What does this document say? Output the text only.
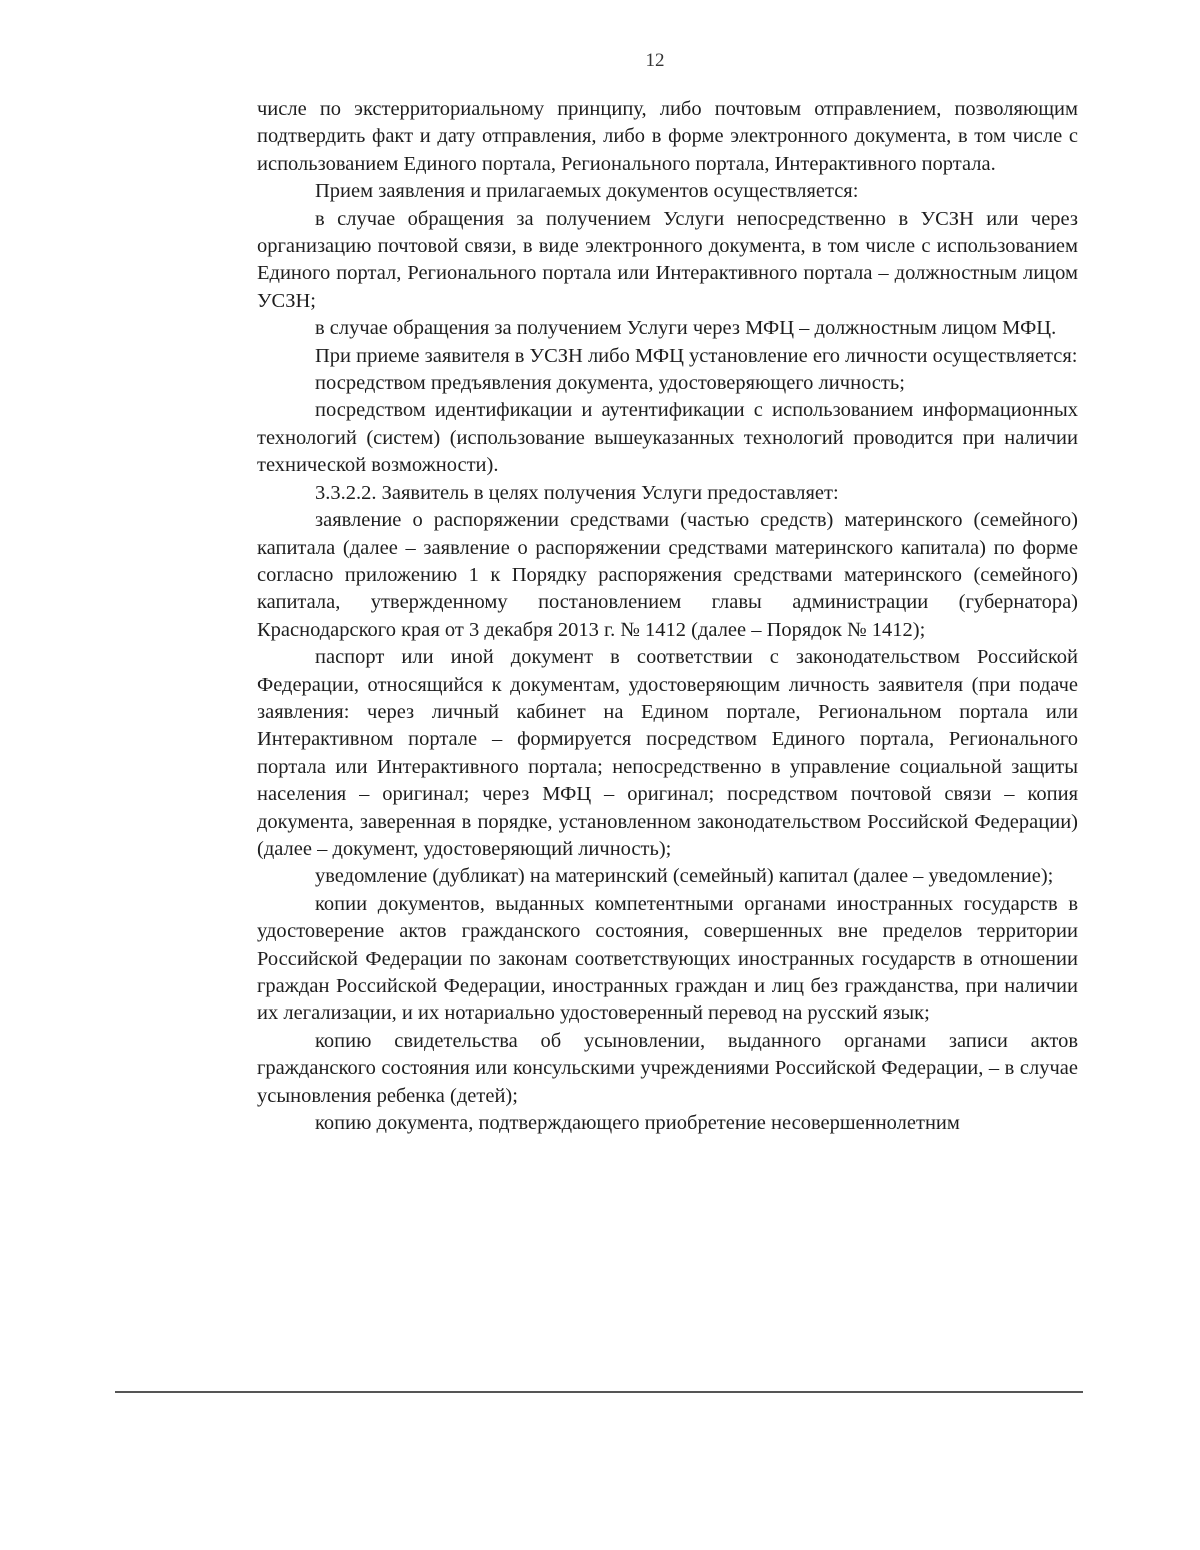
12

числе по экстерриториальному принципу, либо почтовым отправлением, позволяющим подтвердить факт и дату отправления, либо в форме электронного документа, в том числе с использованием Единого портала, Регионального портала, Интерактивного портала.

Прием заявления и прилагаемых документов осуществляется:

в случае обращения за получением Услуги непосредственно в УСЗН или через организацию почтовой связи, в виде электронного документа, в том числе с использованием Единого портал, Регионального портала или Интерактивного портала – должностным лицом УСЗН;

в случае обращения за получением Услуги через МФЦ – должностным лицом МФЦ.

При приеме заявителя в УСЗН либо МФЦ установление его личности осуществляется:

посредством предъявления документа, удостоверяющего личность;

посредством идентификации и аутентификации с использованием информационных технологий (систем) (использование вышеуказанных технологий проводится при наличии технической возможности).

3.3.2.2. Заявитель в целях получения Услуги предоставляет:

заявление о распоряжении средствами (частью средств) материнского (семейного) капитала (далее – заявление о распоряжении средствами материнского капитала) по форме согласно приложению 1 к Порядку распоряжения средствами материнского (семейного) капитала, утвержденному постановлением главы администрации (губернатора) Краснодарского края от 3 декабря 2013 г. № 1412 (далее – Порядок № 1412);

паспорт или иной документ в соответствии с законодательством Российской Федерации, относящийся к документам, удостоверяющим личность заявителя (при подаче заявления: через личный кабинет на Едином портале, Региональном портала или Интерактивном портале – формируется посредством Единого портала, Регионального портала или Интерактивного портала; непосредственно в управление социальной защиты населения – оригинал; через МФЦ – оригинал; посредством почтовой связи – копия документа, заверенная в порядке, установленном законодательством Российской Федерации) (далее – документ, удостоверяющий личность);

уведомление (дубликат) на материнский (семейный) капитал (далее – уведомление);

копии документов, выданных компетентными органами иностранных государств в удостоверение актов гражданского состояния, совершенных вне пределов территории Российской Федерации по законам соответствующих иностранных государств в отношении граждан Российской Федерации, иностранных граждан и лиц без гражданства, при наличии их легализации, и их нотариально удостоверенный перевод на русский язык;

копию свидетельства об усыновлении, выданного органами записи актов гражданского состояния или консульскими учреждениями Российской Федерации, – в случае усыновления ребенка (детей);

копию документа, подтверждающего приобретение несовершеннолетним
